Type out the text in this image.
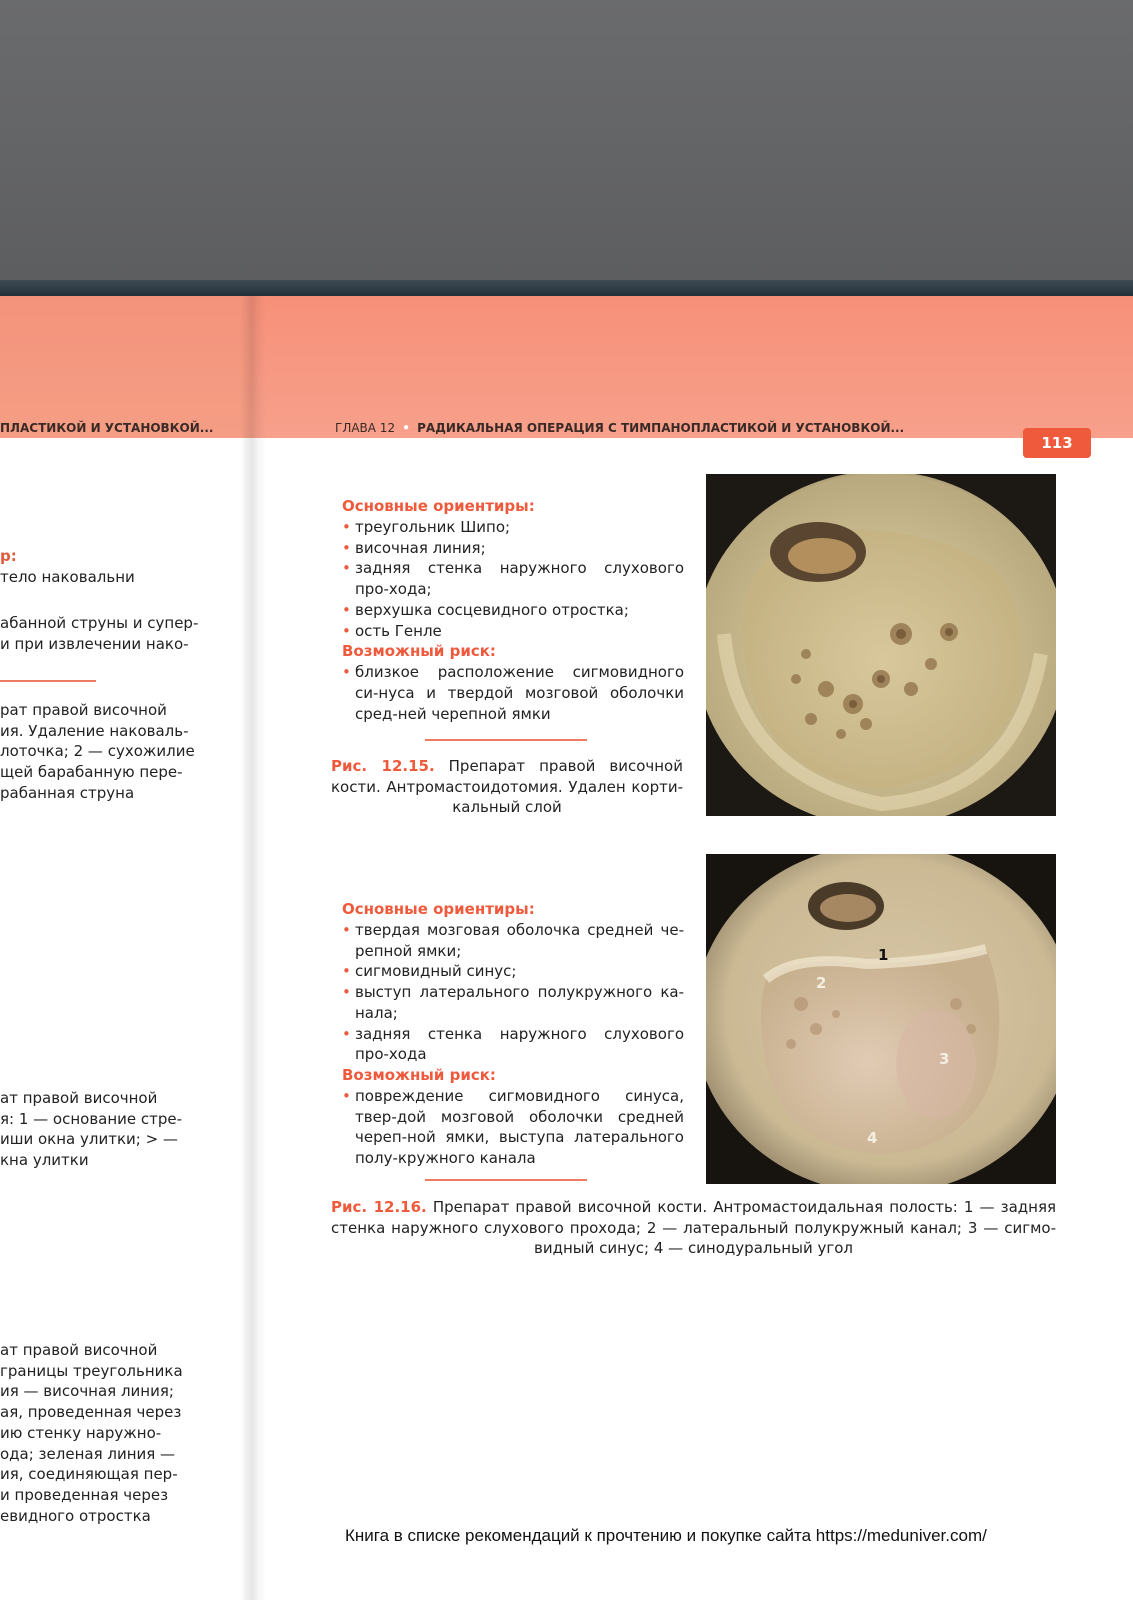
ПЛАСТИКОЙ И УСТАНОВКОЙ...	ГЛАВА 12 • РАДИКАЛЬНАЯ ОПЕРАЦИЯ С ТИМПАНОПЛАСТИКОЙ И УСТАНОВКОЙ...
113
р:
тело наковальни
абанной струны и супер-
и при извлечении нако-
рат правой височной
ия. Удаление наковаль-
лоточка; 2 — сухожилие
щей барабанную пере-
рабанная струна
ат правой височной
я: 1 — основание стре-
иши окна улитки; > —
кна улитки
ат правой височной
границы треугольника
ия — височная линия;
ая, проведенная через
ию стенку наружно-
ода; зеленая линия —
ия, соединяющая пер-
и проведенная через
евидного отростка
Основные ориентиры:
• треугольник Шипо;
• височная линия;
• задняя стенка наружного слухового про-хода;
• верхушка сосцевидного отростка;
• ость Генле
Возможный риск:
• близкое расположение сигмовидного си-нуса и твердой мозговой оболочки сред-ней черепной ямки
Рис. 12.15. Препарат правой височной кости. Антромастоидотомия. Удален корти-кальный слой
Основные ориентиры:
• твердая мозговая оболочка средней че-репной ямки;
• сигмовидный синус;
• выступ латерального полукружного ка-нала;
• задняя стенка наружного слухового про-хода
Возможный риск:
• повреждение сигмовидного синуса, твер-дой мозговой оболочки средней череп-ной ямки, выступа латерального полу-кружного канала
1
2
3
4
Рис. 12.16. Препарат правой височной кости. Антромастоидальная полость: 1 — задняя стенка наружного слухового прохода; 2 — латеральный полукружный канал; 3 — сигмо-видный синус; 4 — синодуральный угол
Книга в списке рекомендаций к прочтению и покупке сайта https://meduniver.com/
